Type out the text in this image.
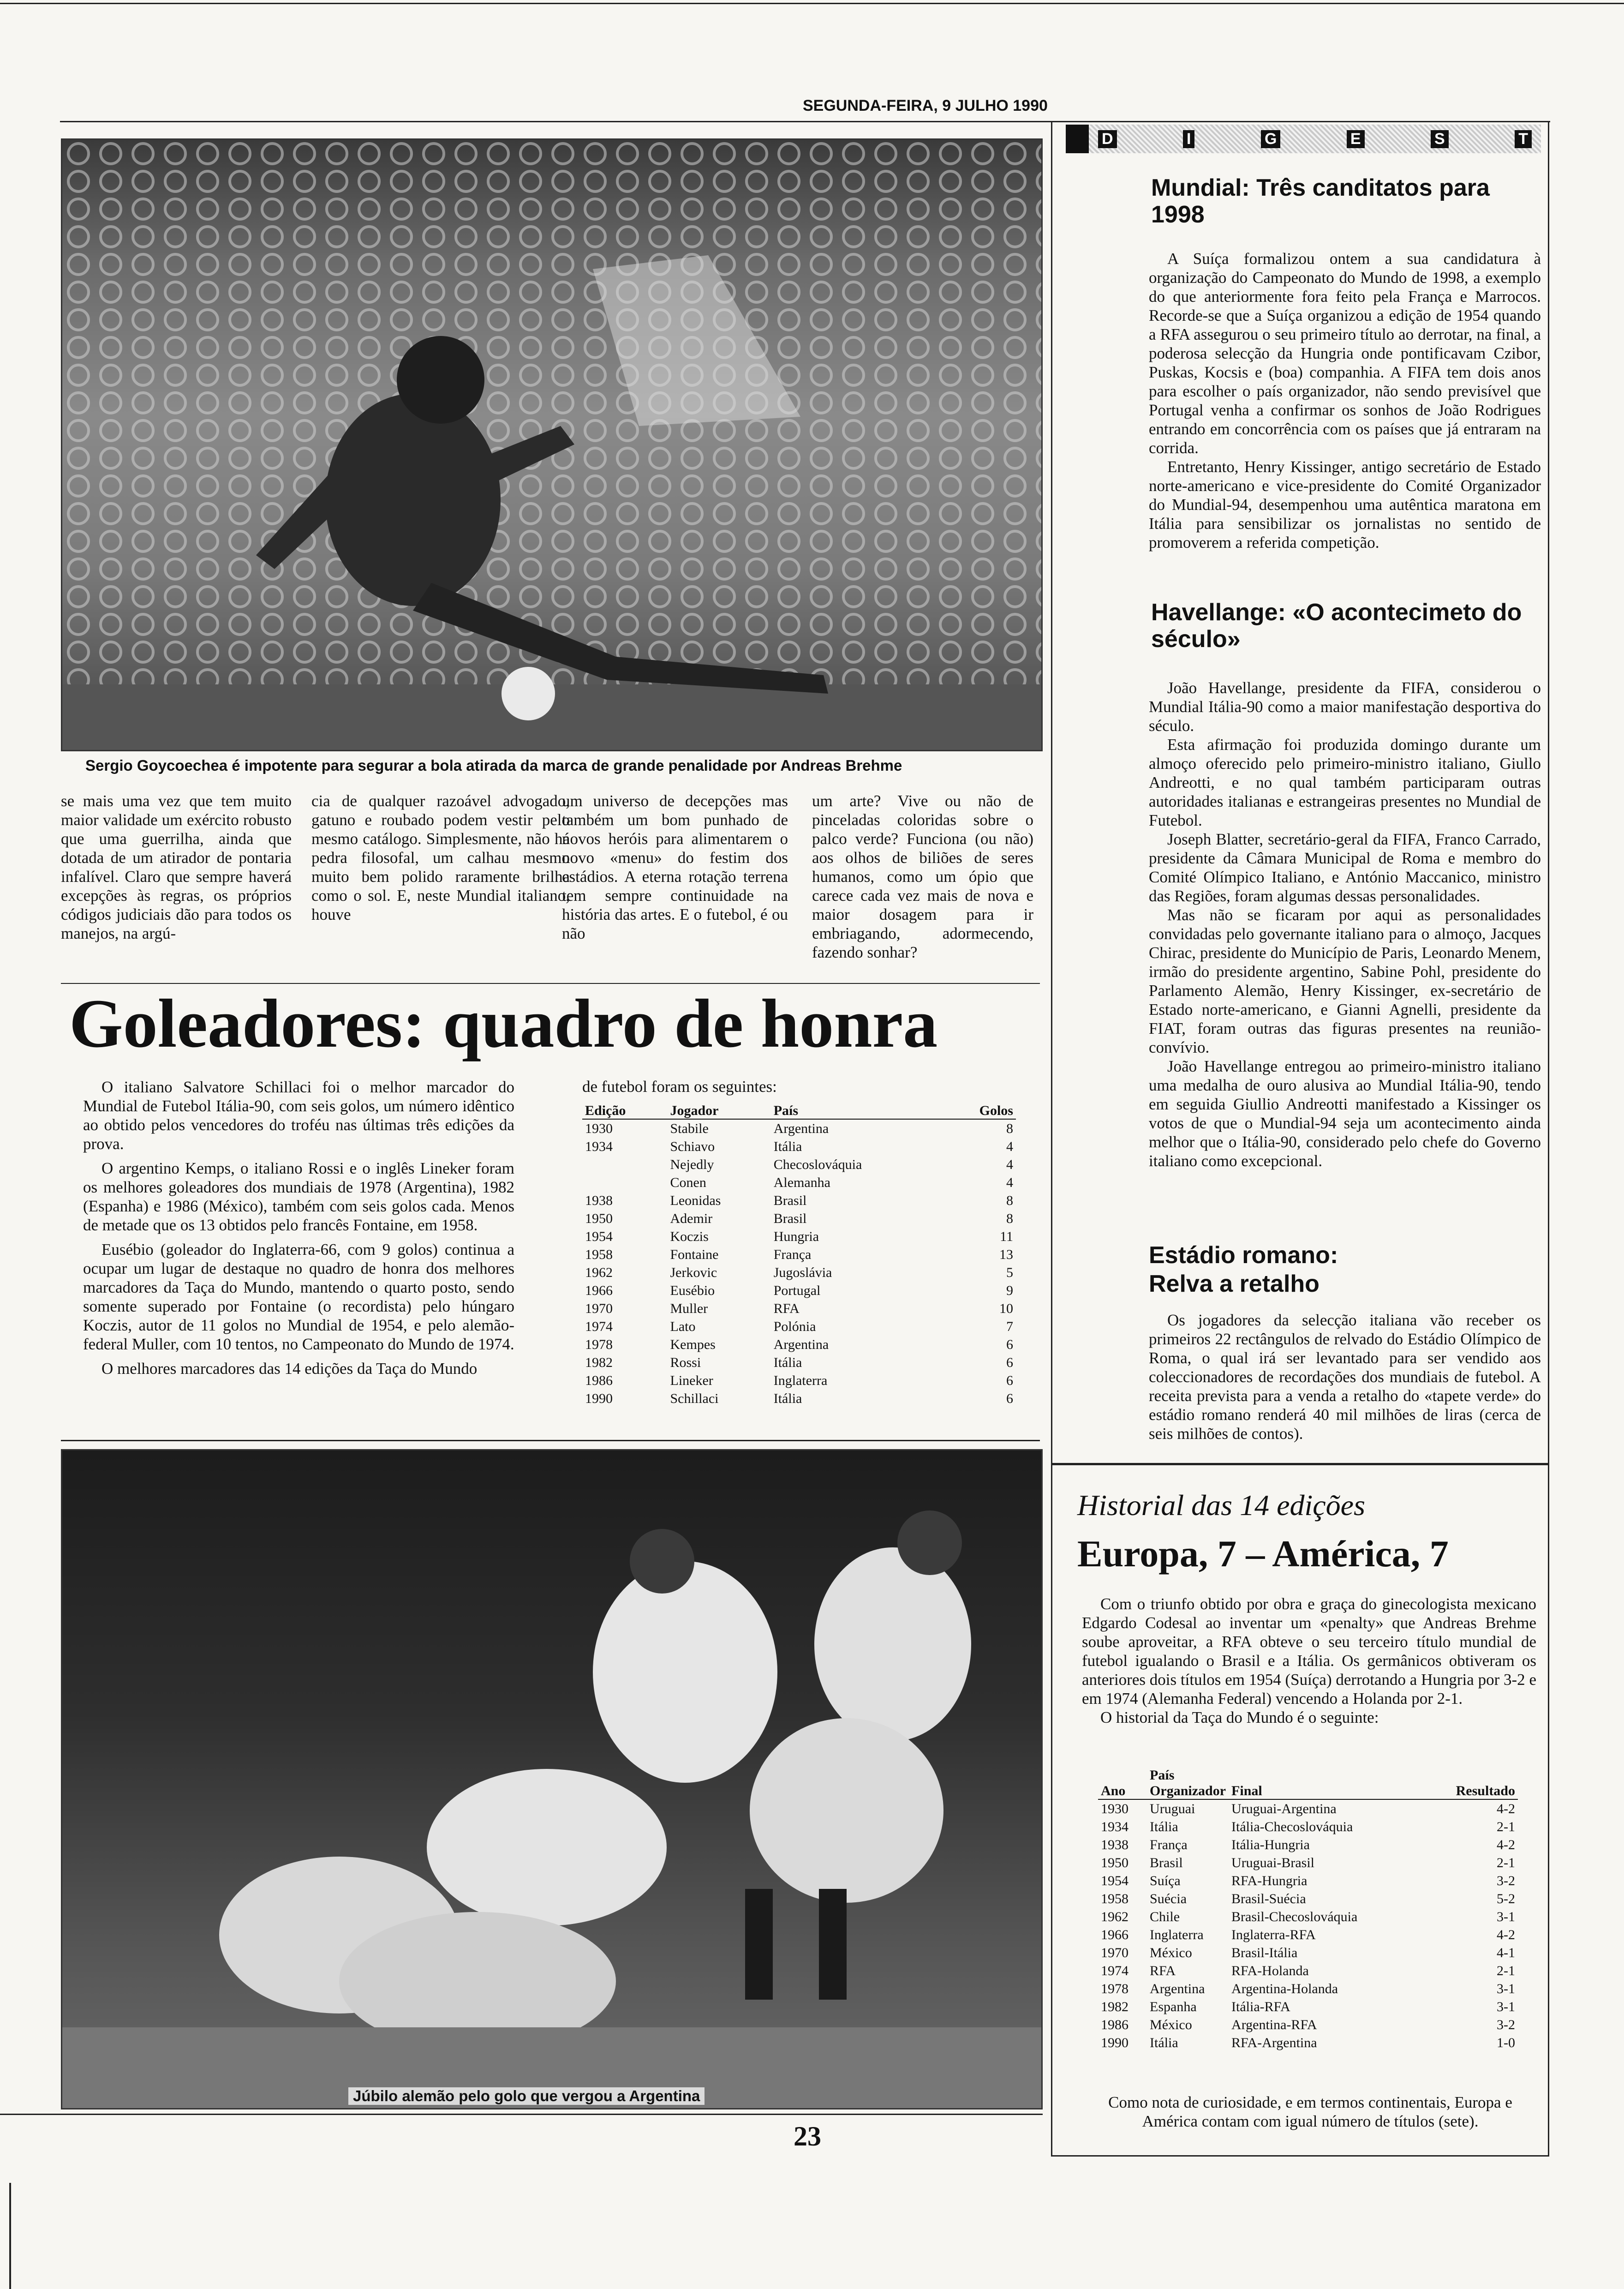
SEGUNDA-FEIRA, 9 JULHO 1990
Sergio Goycoechea é impotente para segurar a bola atirada da marca de grande penalidade por Andreas Brehme
se mais uma vez que tem muito maior validade um exército robusto que uma guerrilha, ainda que dotada de um atirador de pontaria infalível. Claro que sempre haverá excepções às regras, os próprios códigos judiciais dão para todos os manejos, na argú-
cia de qualquer razoável advogado, gatuno e roubado podem vestir pelo mesmo catálogo. Simplesmente, não há pedra filosofal, um calhau mesmo muito bem polido raramente brilha como o sol. E, neste Mundial italiano, houve
um universo de decepções mas também um bom punhado de novos heróis para alimentarem o novo «menu» do festim dos estádios. A eterna rotação terrena tem sempre continuidade na história das artes. E o futebol, é ou não
um arte? Vive ou não de pinceladas coloridas sobre o palco verde? Funciona (ou não) aos olhos de biliões de seres humanos, como um ópio que carece cada vez mais de nova e maior dosagem para ir embriagando, adormecendo, fazendo sonhar?
Goleadores: quadro de honra

O italiano Salvatore Schillaci foi o melhor marcador do Mundial de Futebol Itália-90, com seis golos, um número idêntico ao obtido pelos vencedores do troféu nas últimas três edições da prova.

O argentino Kemps, o italiano Rossi e o inglês Lineker foram os melhores goleadores dos mundiais de 1978 (Argentina), 1982 (Espanha) e 1986 (México), também com seis golos cada. Menos de metade que os 13 obtidos pelo francês Fontaine, em 1958.

Eusébio (goleador do Inglaterra-66, com 9 golos) continua a ocupar um lugar de destaque no quadro de honra dos melhores marcadores da Taça do Mundo, mantendo o quarto posto, sendo somente superado por Fontaine (o recordista) pelo húngaro Koczis, autor de 11 golos no Mundial de 1954, e pelo alemão-federal Muller, com 10 tentos, no Campeonato do Mundo de 1974.

O melhores marcadores das 14 edições da Taça do Mundo

de futebol foram os seguintes:
Edição	Jogador	País	Golos
1930	Stabile	Argentina	8
1934	Schiavo	Itália	4
	Nejedly	Checoslováquia	4
	Conen	Alemanha	4
1938	Leonidas	Brasil	8
1950	Ademir	Brasil	8
1954	Koczis	Hungria	11
1958	Fontaine	França	13
1962	Jerkovic	Jugoslávia	5
1966	Eusébio	Portugal	9
1970	Muller	RFA	10
1974	Lato	Polónia	7
1978	Kempes	Argentina	6
1982	Rossi	Itália	6
1986	Lineker	Inglaterra	6
1990	Schillaci	Itália	6
Júbilo alemão pelo golo que vergou a Argentina
23
D	I	G	E	S	T
Mundial: Três canditatos para 1998

A Suíça formalizou ontem a sua candidatura à organização do Campeonato do Mundo de 1998, a exemplo do que anteriormente fora feito pela França e Marrocos. Recorde-se que a Suíça organizou a edição de 1954 quando a RFA assegurou o seu primeiro título ao derrotar, na final, a poderosa selecção da Hungria onde pontificavam Czibor, Puskas, Kocsis e (boa) companhia. A FIFA tem dois anos para escolher o país organizador, não sendo previsível que Portugal venha a confirmar os sonhos de João Rodrigues entrando em concorrência com os países que já entraram na corrida.

Entretanto, Henry Kissinger, antigo secretário de Estado norte-americano e vice-presidente do Comité Organizador do Mundial-94, desempenhou uma autêntica maratona em Itália para sensibilizar os jornalistas no sentido de promoverem a referida competição.

Havellange: «O acontecimeto do século»

João Havellange, presidente da FIFA, considerou o Mundial Itália-90 como a maior manifestação desportiva do século.

Esta afirmação foi produzida domingo durante um almoço oferecido pelo primeiro-ministro italiano, Giullo Andreotti, e no qual também participaram outras autoridades italianas e estrangeiras presentes no Mundial de Futebol.

Joseph Blatter, secretário-geral da FIFA, Franco Carrado, presidente da Câmara Municipal de Roma e membro do Comité Olímpico Italiano, e António Maccanico, ministro das Regiões, foram algumas dessas personalidades.

Mas não se ficaram por aqui as personalidades convidadas pelo governante italiano para o almoço, Jacques Chirac, presidente do Município de Paris, Leonardo Menem, irmão do presidente argentino, Sabine Pohl, presidente do Parlamento Alemão, Henry Kissinger, ex-secretário de Estado norte-americano, e Gianni Agnelli, presidente da FIAT, foram outras das figuras presentes na reunião-convívio.

João Havellange entregou ao primeiro-ministro italiano uma medalha de ouro alusiva ao Mundial Itália-90, tendo em seguida Giullio Andreotti manifestado a Kissinger os votos de que o Mundial-94 seja um acontecimento ainda melhor que o Itália-90, considerado pelo chefe do Governo italiano como excepcional.

Estádio romano:
Relva a retalho

Os jogadores da selecção italiana vão receber os primeiros 22 rectângulos de relvado do Estádio Olímpico de Roma, o qual irá ser levantado para ser vendido aos coleccionadores de recordações dos mundiais de futebol. A receita prevista para a venda a retalho do «tapete verde» do estádio romano renderá 40 mil milhões de liras (cerca de seis milhões de contos).

Historial das 14 edições
Europa, 7 – América, 7

Com o triunfo obtido por obra e graça do ginecologista mexicano Edgardo Codesal ao inventar um «penalty» que Andreas Brehme soube aproveitar, a RFA obteve o seu terceiro título mundial de futebol igualando o Brasil e a Itália. Os germânicos obtiveram os anteriores dois títulos em 1954 (Suíça) derrotando a Hungria por 3-2 e em 1974 (Alemanha Federal) vencendo a Holanda por 2-1.

O historial da Taça do Mundo é o seguinte:

Ano	País Organizador	Final	Resultado
1930	Uruguai	Uruguai-Argentina	4-2
1934	Itália	Itália-Checoslováquia	2-1
1938	França	Itália-Hungria	4-2
1950	Brasil	Uruguai-Brasil	2-1
1954	Suíça	RFA-Hungria	3-2
1958	Suécia	Brasil-Suécia	5-2
1962	Chile	Brasil-Checoslováquia	3-1
1966	Inglaterra	Inglaterra-RFA	4-2
1970	México	Brasil-Itália	4-1
1974	RFA	RFA-Holanda	2-1
1978	Argentina	Argentina-Holanda	3-1
1982	Espanha	Itália-RFA	3-1
1986	México	Argentina-RFA	3-2
1990	Itália	RFA-Argentina	1-0
Como nota de curiosidade, e em termos continentais, Europa e América contam com igual número de títulos (sete).
